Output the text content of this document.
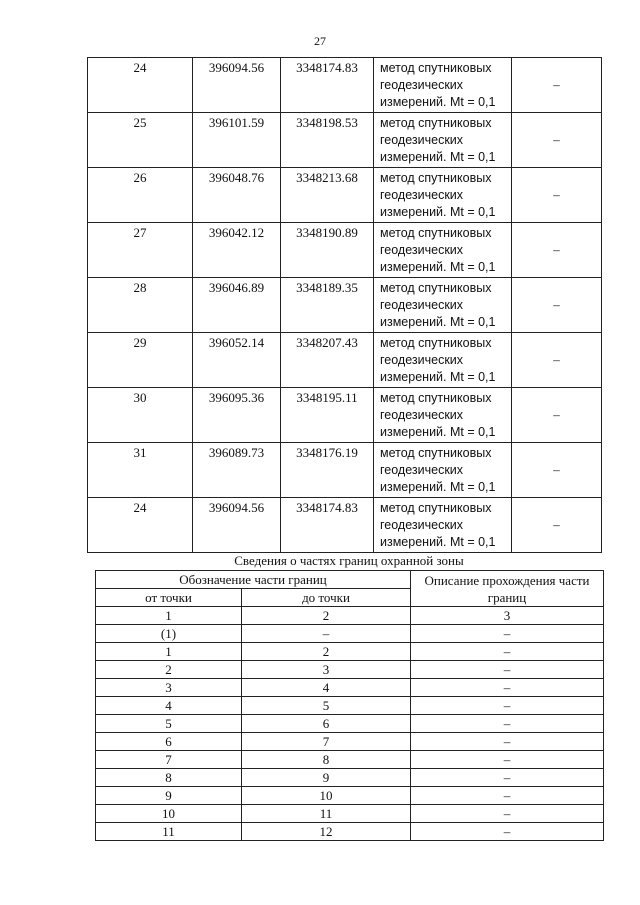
27
24	396094.56	3348174.83	метод спутниковых геодезических измерений. Mt = 0,1	–
25	396101.59	3348198.53	метод спутниковых геодезических измерений. Mt = 0,1	–
26	396048.76	3348213.68	метод спутниковых геодезических измерений. Mt = 0,1	–
27	396042.12	3348190.89	метод спутниковых геодезических измерений. Mt = 0,1	–
28	396046.89	3348189.35	метод спутниковых геодезических измерений. Mt = 0,1	–
29	396052.14	3348207.43	метод спутниковых геодезических измерений. Mt = 0,1	–
30	396095.36	3348195.11	метод спутниковых геодезических измерений. Mt = 0,1	–
31	396089.73	3348176.19	метод спутниковых геодезических измерений. Mt = 0,1	–
24	396094.56	3348174.83	метод спутниковых геодезических измерений. Mt = 0,1	–
Сведения о частях границ охранной зоны
Обозначение части границ		Описание прохождения части границ
от точки	до точки	
1	2	3
(1)	–	–
1	2	–
2	3	–
3	4	–
4	5	–
5	6	–
6	7	–
7	8	–
8	9	–
9	10	–
10	11	–
11	12	–
